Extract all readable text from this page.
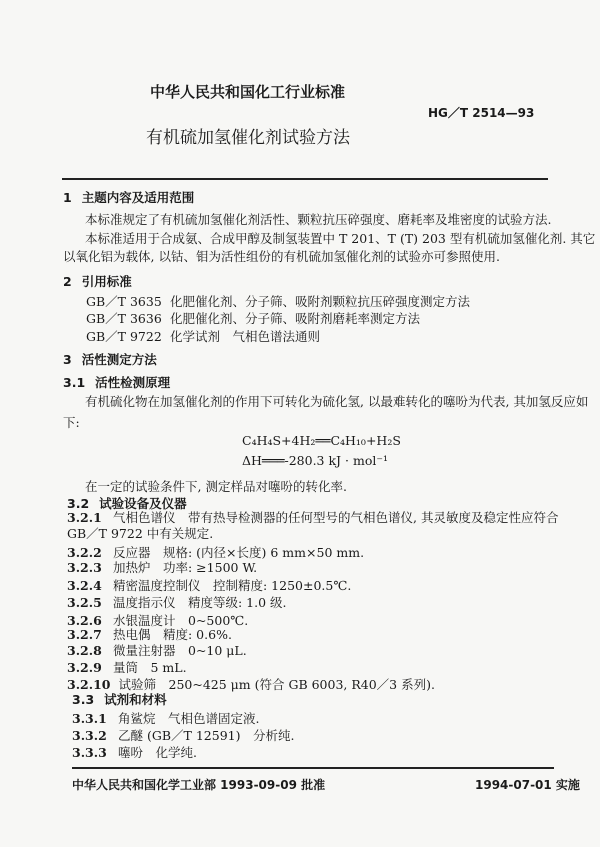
中华人民共和国化工行业标准
HG／T 2514—93
有机硫加氢催化剂试验方法
1 主题内容及适用范围
本标准规定了有机硫加氢催化剂活性、颗粒抗压碎强度、磨耗率及堆密度的试验方法.
本标准适用于合成氨、合成甲醇及制氢装置中 T 201、T (T) 203 型有机硫加氢催化剂. 其它
以氧化铝为载体, 以钴、钼为活性组份的有机硫加氢催化剂的试验亦可参照使用.
2 引用标准
GB／T 3635 化肥催化剂、分子筛、吸附剂颗粒抗压碎强度测定方法
GB／T 3636 化肥催化剂、分子筛、吸附剂磨耗率测定方法
GB／T 9722 化学试剂　气相色谱法通则
3 活性测定方法
3.1 活性检测原理
有机硫化物在加氢催化剂的作用下可转化为硫化氢, 以最难转化的噻吩为代表, 其加氢反应如
下:
C₄H₄S+4H₂══C₄H₁₀+H₂S
ΔH═══-280.3 kJ · mol⁻¹
在一定的试验条件下, 测定样品对噻吩的转化率.
3.2 试验设备及仪器
3.2.1 气相色谱仪　带有热导检测器的任何型号的气相色谱仪, 其灵敏度及稳定性应符合
GB／T 9722 中有关规定.
3.2.2 反应器　规格: (内径×长度) 6 mm×50 mm.
3.2.3 加热炉　功率: ≥1500 W.
3.2.4 精密温度控制仪　控制精度: 1250±0.5℃.
3.2.5 温度指示仪　精度等级: 1.0 级.
3.2.6 水银温度计　0~500℃.
3.2.7 热电偶　精度: 0.6%.
3.2.8 微量注射器　0~10 μL.
3.2.9 量筒　5 mL.
3.2.10 试验筛　250~425 μm (符合 GB 6003, R40／3 系列).
3.3 试剂和材料
3.3.1 角鲨烷　气相色谱固定液.
3.3.2 乙醚 (GB／T 12591)　分析纯.
3.3.3 噻吩　化学纯.
中华人民共和国化学工业部 1993-09-09 批准	1994-07-01 实施
